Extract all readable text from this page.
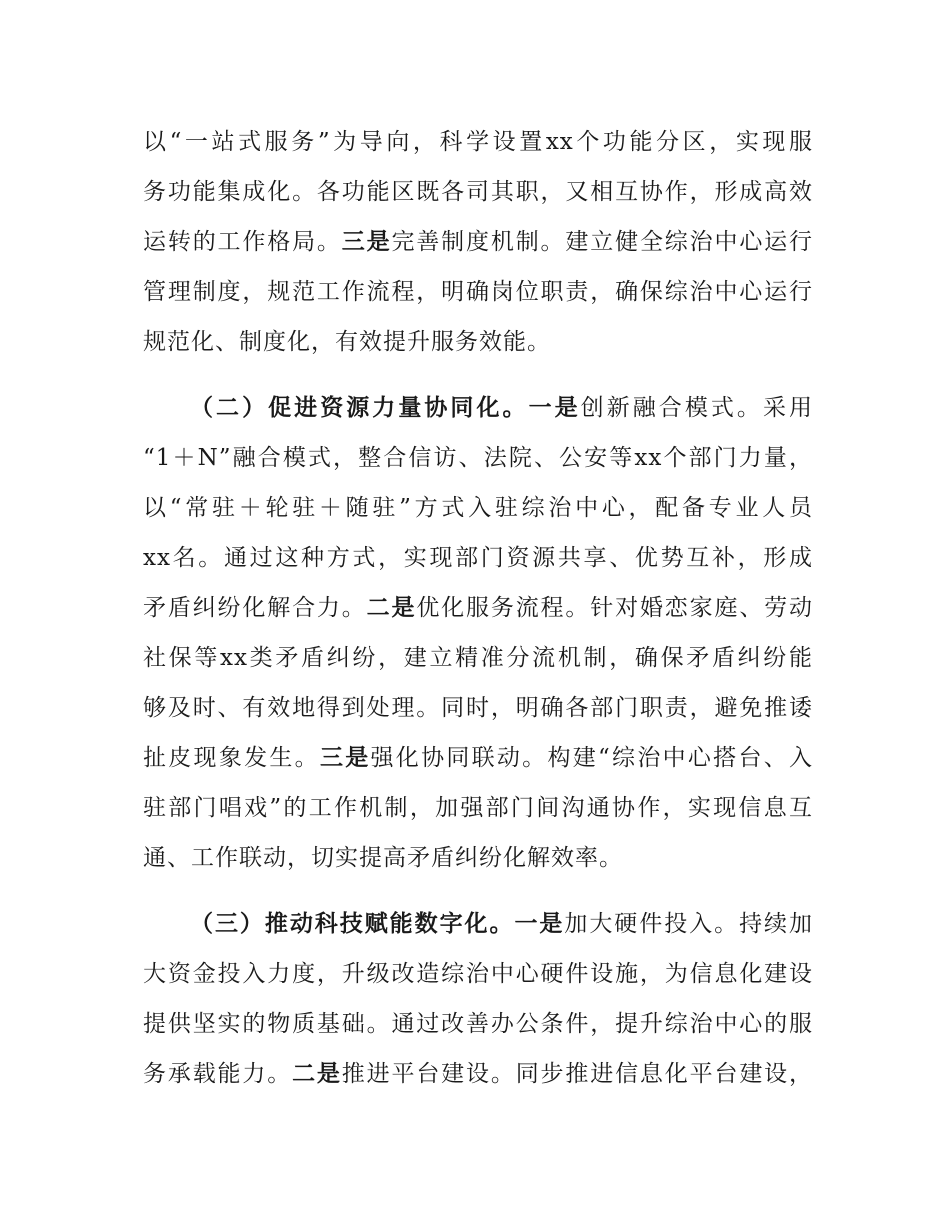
以“一站式服务”为导向，科学设置xx个功能分区，实现服
务功能集成化。各功能区既各司其职，又相互协作，形成高效
运转的工作格局。三是完善制度机制。建立健全综治中心运行
管理制度，规范工作流程，明确岗位职责，确保综治中心运行
规范化、制度化，有效提升服务效能。
（二）促进资源力量协同化。一是创新融合模式。采用
“1＋N”融合模式，整合信访、法院、公安等xx个部门力量，
以“常驻＋轮驻＋随驻”方式入驻综治中心，配备专业人员
xx名。通过这种方式，实现部门资源共享、优势互补，形成
矛盾纠纷化解合力。二是优化服务流程。针对婚恋家庭、劳动
社保等xx类矛盾纠纷，建立精准分流机制，确保矛盾纠纷能
够及时、有效地得到处理。同时，明确各部门职责，避免推诿
扯皮现象发生。三是强化协同联动。构建“综治中心搭台、入
驻部门唱戏”的工作机制，加强部门间沟通协作，实现信息互
通、工作联动，切实提高矛盾纠纷化解效率。
（三）推动科技赋能数字化。一是加大硬件投入。持续加
大资金投入力度，升级改造综治中心硬件设施，为信息化建设
提供坚实的物质基础。通过改善办公条件，提升综治中心的服
务承载能力。二是推进平台建设。同步推进信息化平台建设，
